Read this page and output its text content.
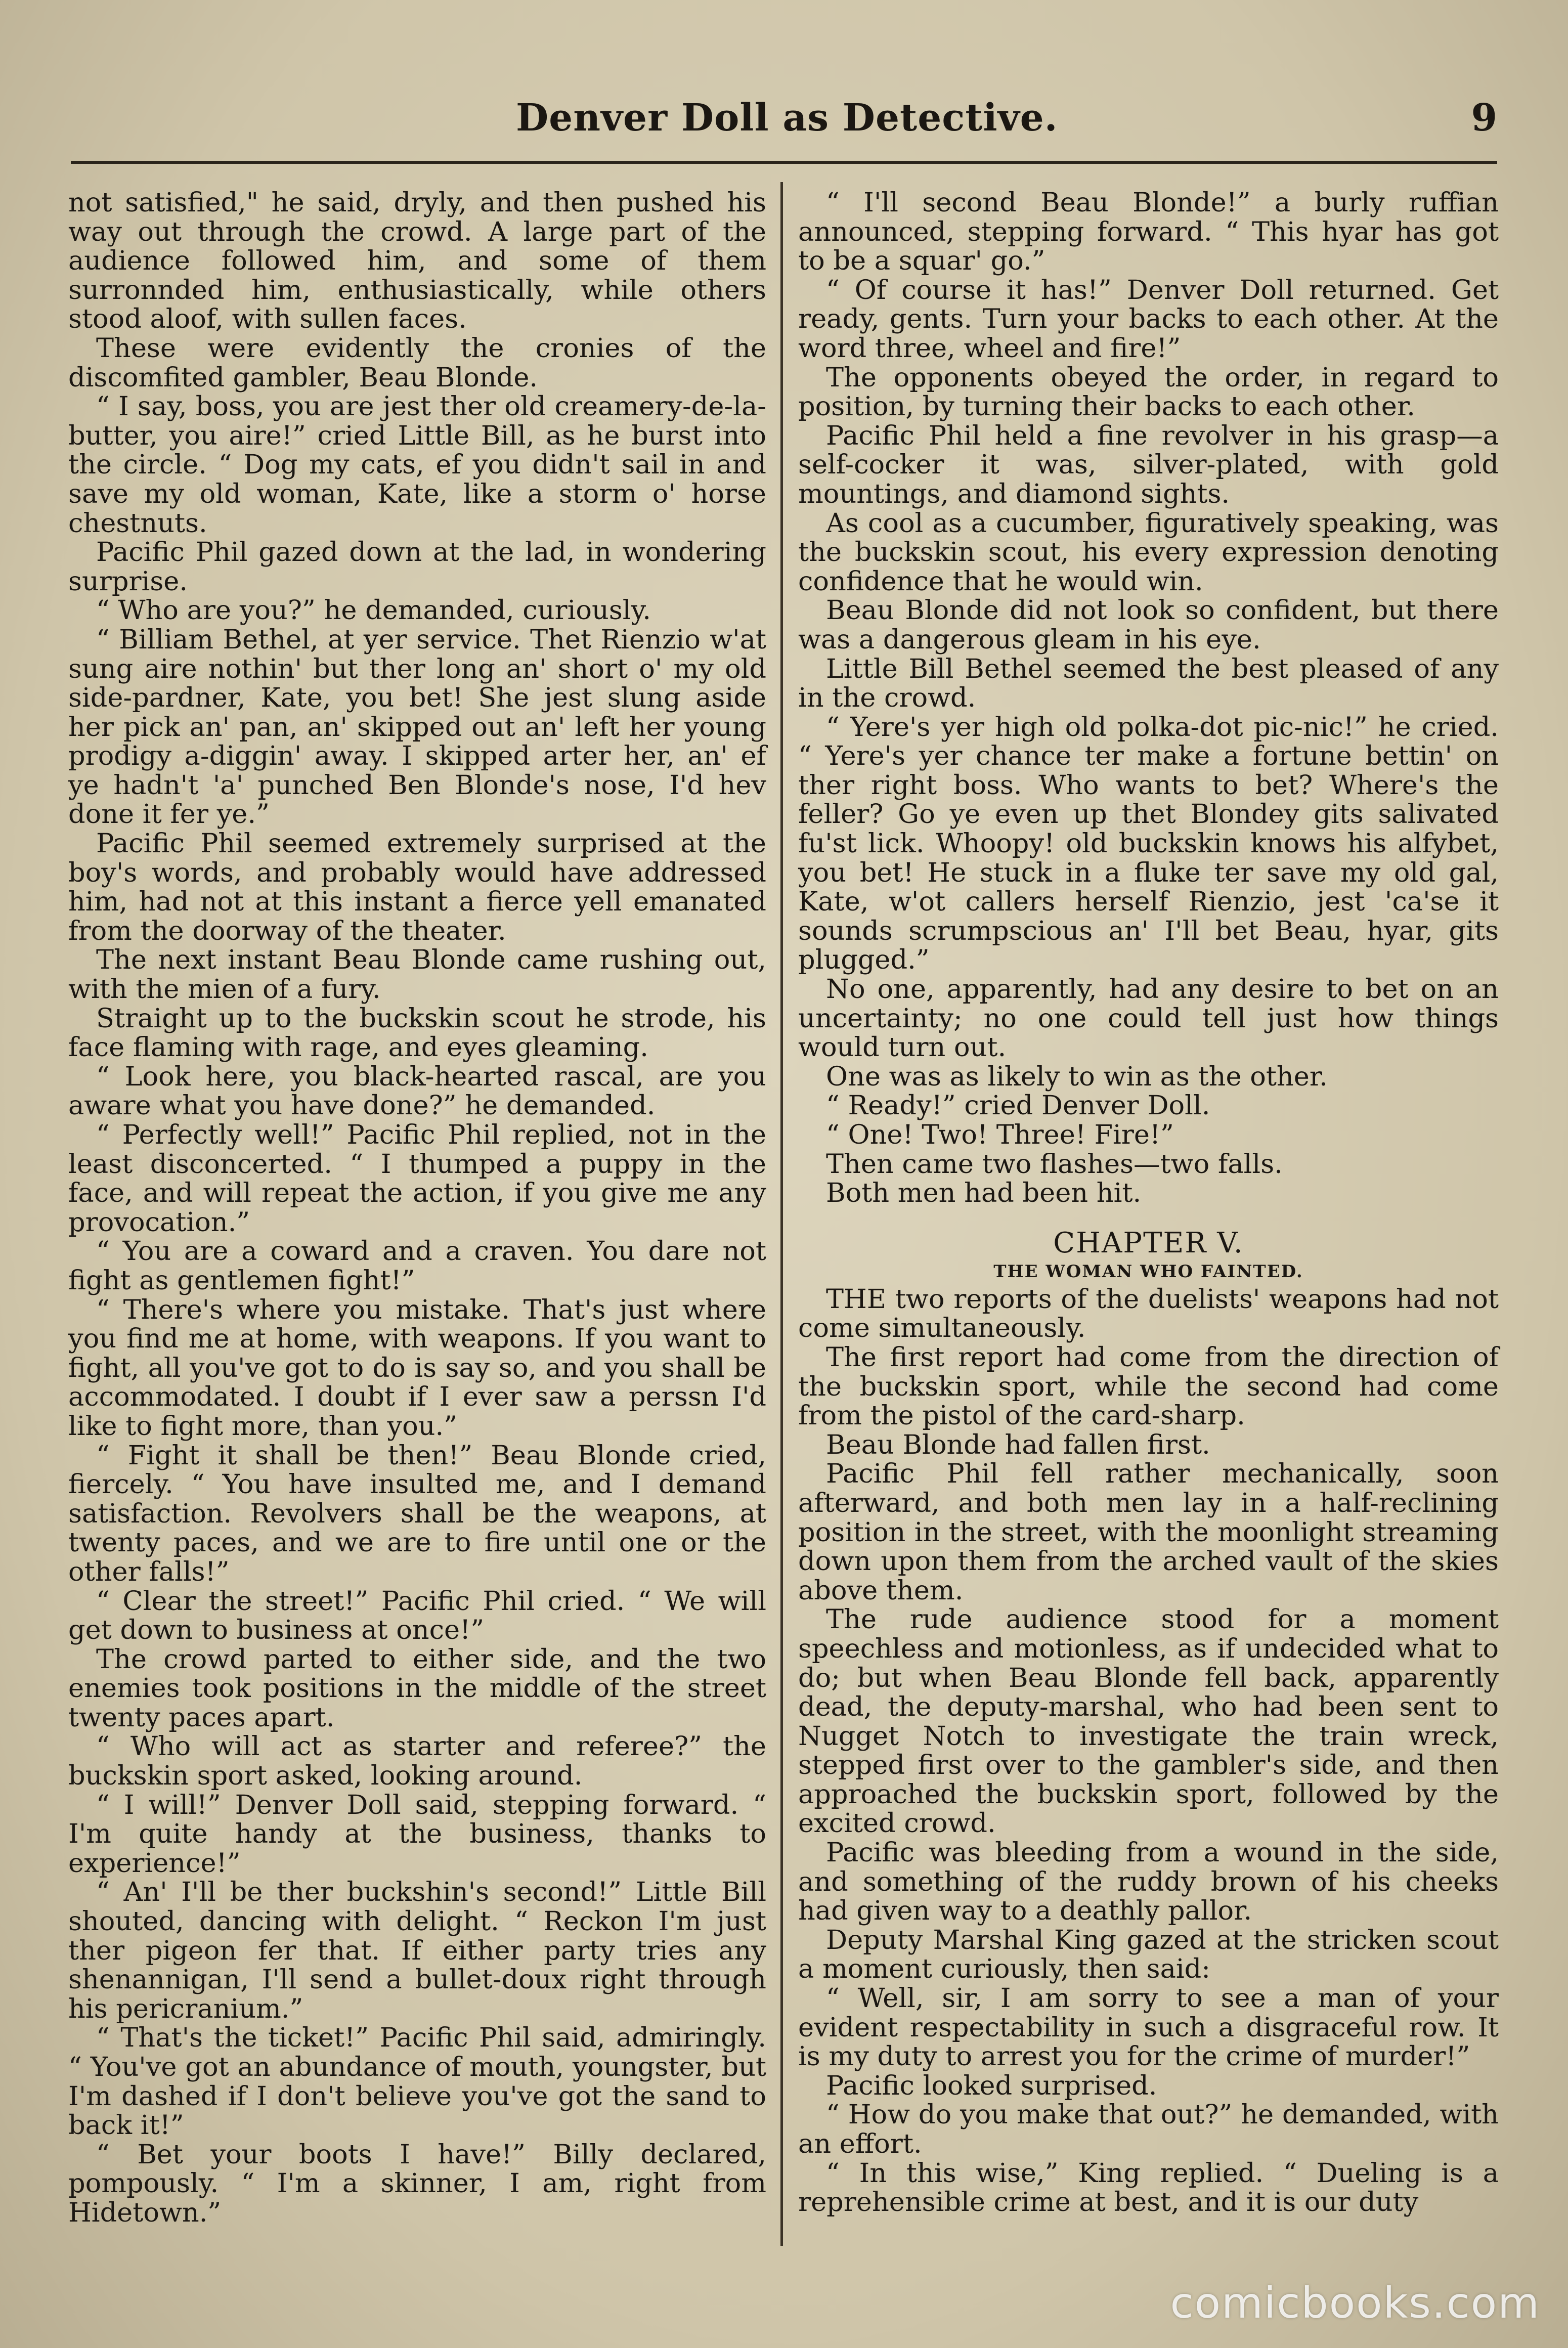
Denver Doll as Detective.	9

not satisfied," he said, dryly, and then pushed his way out through the crowd. A large part of the audience followed him, and some of them surronnded him, enthusiastically, while others stood aloof, with sullen faces.

These were evidently the cronies of the discomfited gambler, Beau Blonde.

“ I say, boss, you are jest ther old creamery-de-la-butter, you aire!” cried Little Bill, as he burst into the circle. “ Dog my cats, ef you didn't sail in and save my old woman, Kate, like a storm o' horse chestnuts.

Pacific Phil gazed down at the lad, in wondering surprise.

“ Who are you?” he demanded, curiously.

“ Billiam Bethel, at yer service. Thet Rienzio w'at sung aire nothin' but ther long an' short o' my old side-pardner, Kate, you bet! She jest slung aside her pick an' pan, an' skipped out an' left her young prodigy a-diggin' away. I skipped arter her, an' ef ye hadn't 'a' punched Ben Blonde's nose, I'd hev done it fer ye.”

Pacific Phil seemed extremely surprised at the boy's words, and probably would have addressed him, had not at this instant a fierce yell emanated from the doorway of the theater.

The next instant Beau Blonde came rushing out, with the mien of a fury.

Straight up to the buckskin scout he strode, his face flaming with rage, and eyes gleaming.

“ Look here, you black-hearted rascal, are you aware what you have done?” he demanded.

“ Perfectly well!” Pacific Phil replied, not in the least disconcerted. “ I thumped a puppy in the face, and will repeat the action, if you give me any provocation.”

“ You are a coward and a craven. You dare not fight as gentlemen fight!”

“ There's where you mistake. That's just where you find me at home, with weapons. If you want to fight, all you've got to do is say so, and you shall be accommodated. I doubt if I ever saw a perssn I'd like to fight more, than you.”

“ Fight it shall be then!” Beau Blonde cried, fiercely. “ You have insulted me, and I demand satisfaction. Revolvers shall be the weapons, at twenty paces, and we are to fire until one or the other falls!”

“ Clear the street!” Pacific Phil cried. “ We will get down to business at once!”

The crowd parted to either side, and the two enemies took positions in the middle of the street twenty paces apart.

“ Who will act as starter and referee?” the buckskin sport asked, looking around.

“ I will!” Denver Doll said, stepping forward. “ I'm quite handy at the business, thanks to experience!”

“ An' I'll be ther buckshin's second!” Little Bill shouted, dancing with delight. “ Reckon I'm just ther pigeon fer that. If either party tries any shenannigan, I'll send a bullet-doux right through his pericranium.”

“ That's the ticket!” Pacific Phil said, admiringly. “ You've got an abundance of mouth, youngster, but I'm dashed if I don't believe you've got the sand to back it!”

“ Bet your boots I have!” Billy declared, pompously. “ I'm a skinner, I am, right from Hidetown.”

“ I'll second Beau Blonde!” a burly ruffian announced, stepping forward. “ This hyar has got to be a squar' go.”

“ Of course it has!” Denver Doll returned. Get ready, gents. Turn your backs to each other. At the word three, wheel and fire!”

The opponents obeyed the order, in regard to position, by turning their backs to each other.

Pacific Phil held a fine revolver in his grasp—a self-cocker it was, silver-plated, with gold mountings, and diamond sights.

As cool as a cucumber, figuratively speaking, was the buckskin scout, his every expression denoting confidence that he would win.

Beau Blonde did not look so confident, but there was a dangerous gleam in his eye.

Little Bill Bethel seemed the best pleased of any in the crowd.

“ Yere's yer high old polka-dot pic-nic!” he cried. “ Yere's yer chance ter make a fortune bettin' on ther right boss. Who wants to bet? Where's the feller? Go ye even up thet Blondey gits salivated fu'st lick. Whoopy! old buckskin knows his alfybet, you bet! He stuck in a fluke ter save my old gal, Kate, w'ot callers herself Rienzio, jest 'ca'se it sounds scrumpscious an' I'll bet Beau, hyar, gits plugged.”

No one, apparently, had any desire to bet on an uncertainty; no one could tell just how things would turn out.

One was as likely to win as the other.

“ Ready!” cried Denver Doll.

“ One! Two! Three! Fire!”

Then came two flashes—two falls.

Both men had been hit.

CHAPTER V.
THE WOMAN WHO FAINTED.

THE two reports of the duelists' weapons had not come simultaneously.

The first report had come from the direction of the buckskin sport, while the second had come from the pistol of the card-sharp.

Beau Blonde had fallen first.

Pacific Phil fell rather mechanically, soon afterward, and both men lay in a half-reclining position in the street, with the moonlight streaming down upon them from the arched vault of the skies above them.

The rude audience stood for a moment speechless and motionless, as if undecided what to do; but when Beau Blonde fell back, apparently dead, the deputy-marshal, who had been sent to Nugget Notch to investigate the train wreck, stepped first over to the gambler's side, and then approached the buckskin sport, followed by the excited crowd.

Pacific was bleeding from a wound in the side, and something of the ruddy brown of his cheeks had given way to a deathly pallor.

Deputy Marshal King gazed at the stricken scout a moment curiously, then said:

“ Well, sir, I am sorry to see a man of your evident respectability in such a disgraceful row. It is my duty to arrest you for the crime of murder!”

Pacific looked surprised.

“ How do you make that out?” he demanded, with an effort.

“ In this wise,” King replied. “ Dueling is a reprehensible crime at best, and it is our duty

comicbooks.com
